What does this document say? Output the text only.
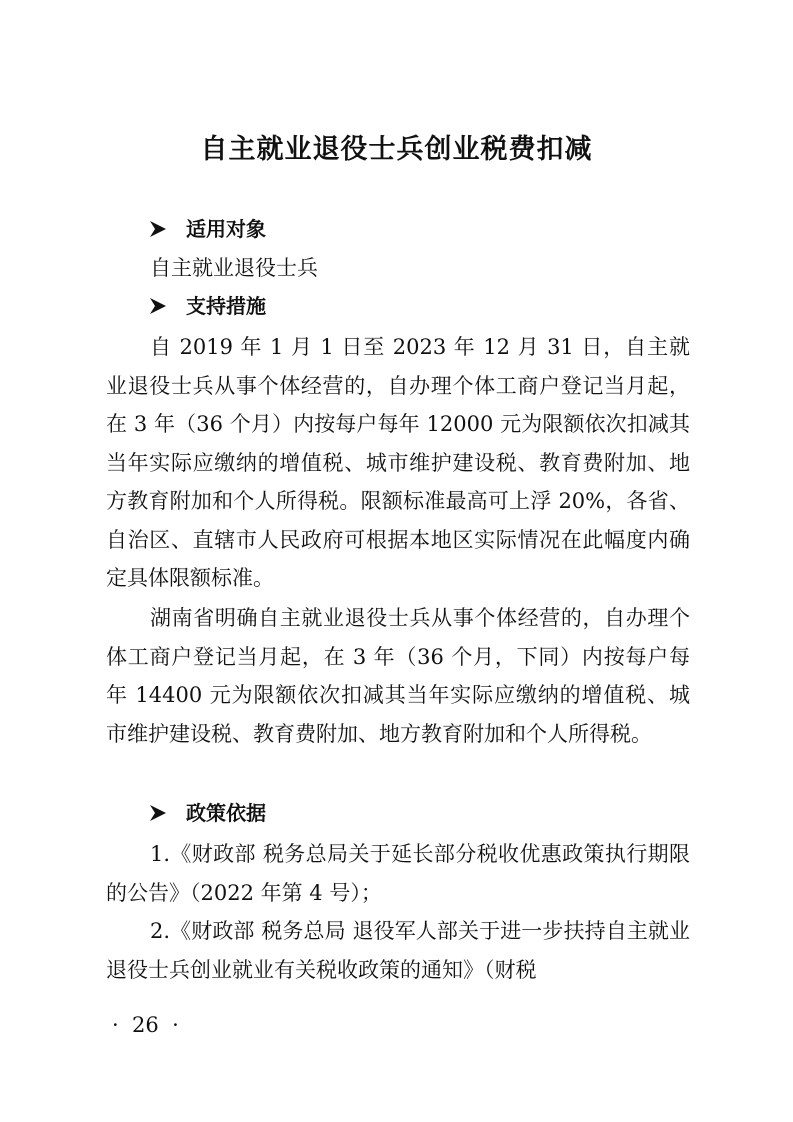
自主就业退役士兵创业税费扣减
适用对象

自主就业退役士兵

支持措施

自 2019 年 1 月 1 日至 2023 年 12 月 31 日，自主就业退役士兵从事个体经营的，自办理个体工商户登记当月起，在 3 年（36 个月）内按每户每年 12000 元为限额依次扣减其当年实际应缴纳的增值税、城市维护建设税、教育费附加、地方教育附加和个人所得税。限额标准最高可上浮 20%，各省、自治区、直辖市人民政府可根据本地区实际情况在此幅度内确定具体限额标准。

湖南省明确自主就业退役士兵从事个体经营的，自办理个体工商户登记当月起，在 3 年（36 个月，下同）内按每户每年 14400 元为限额依次扣减其当年实际应缴纳的增值税、城市维护建设税、教育费附加、地方教育附加和个人所得税。

政策依据

1.《财政部 税务总局关于延长部分税收优惠政策执行期限的公告》（2022 年第 4 号）；

2.《财政部 税务总局 退役军人部关于进一步扶持自主就业退役士兵创业就业有关税收政策的通知》（财税

·  26  ·
